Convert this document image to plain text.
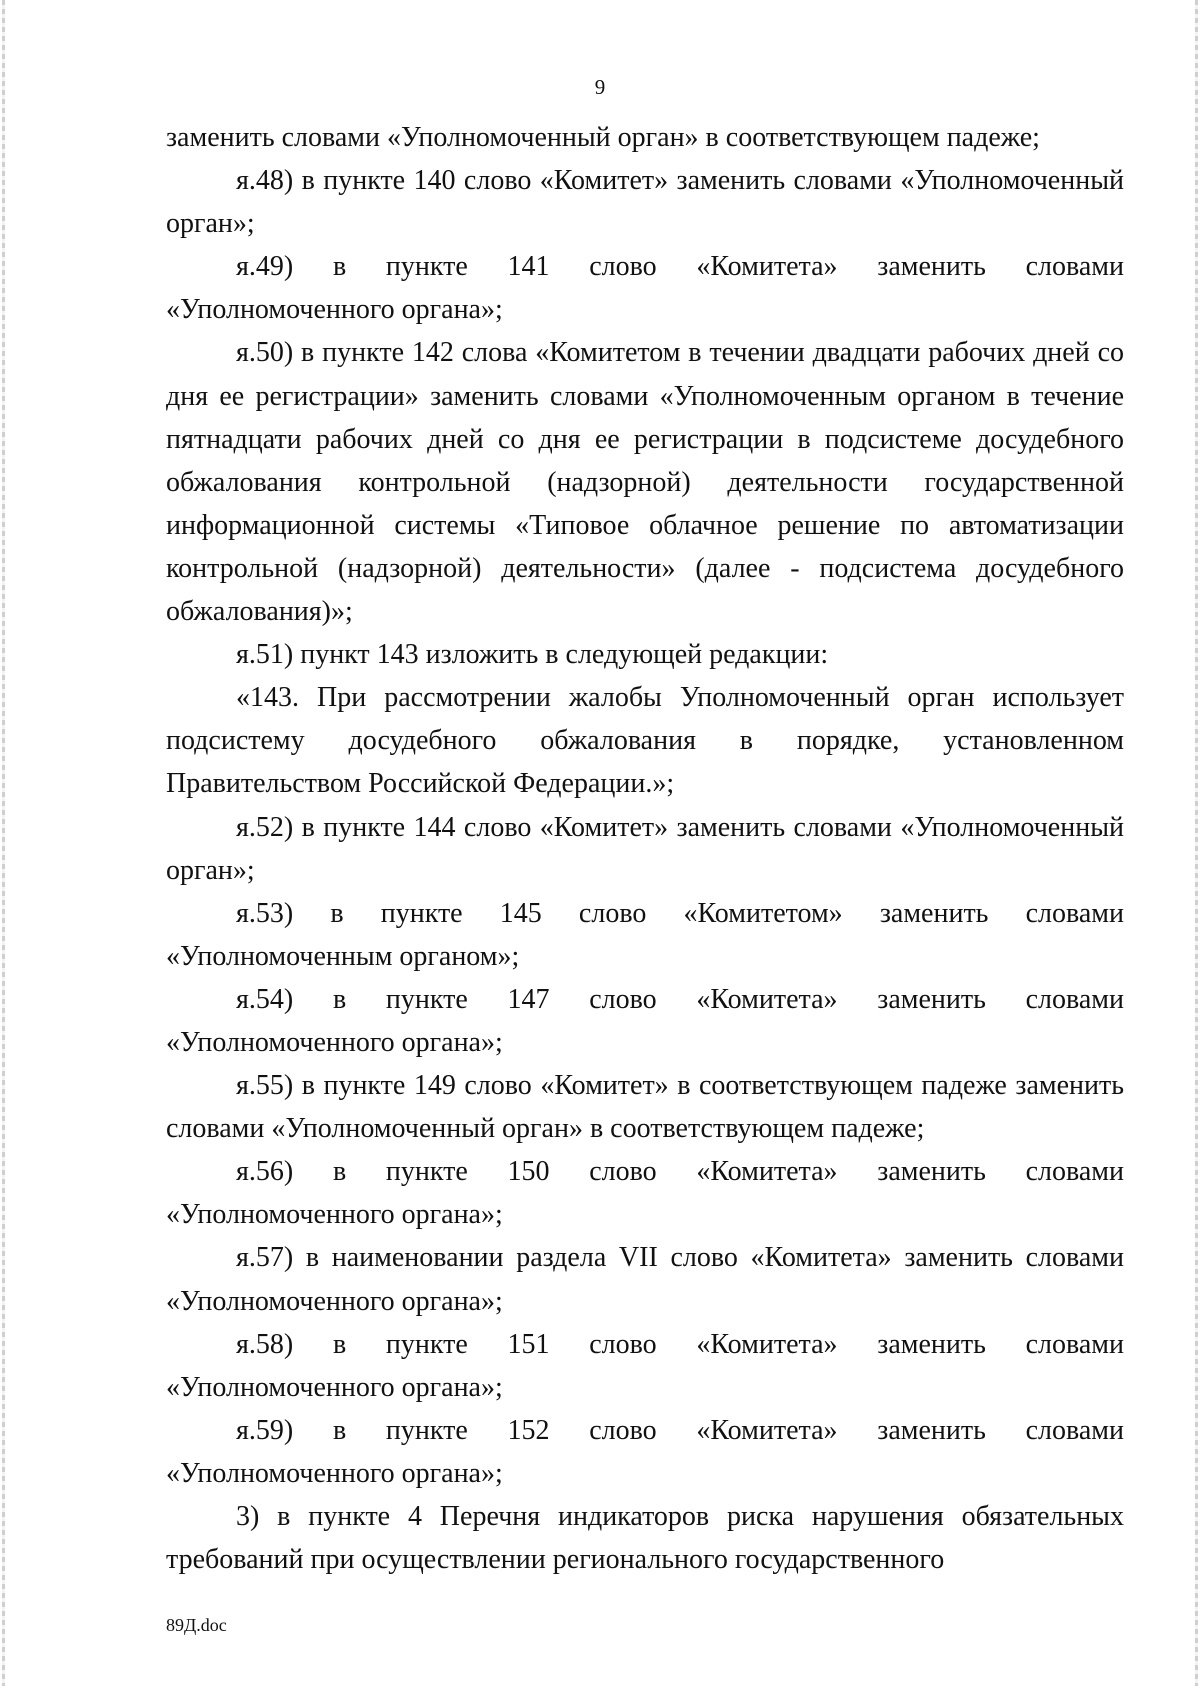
9

заменить словами «Уполномоченный орган» в соответствующем падеже;

я.48) в пункте 140 слово «Комитет» заменить словами «Уполномоченный орган»;

я.49) в пункте 141 слово «Комитета» заменить словами «Уполномоченного органа»;

я.50) в пункте 142 слова «Комитетом в течении двадцати рабочих дней со дня ее регистрации» заменить словами «Уполномоченным органом в течение пятнадцати рабочих дней со дня ее регистрации в подсистеме досудебного обжалования контрольной (надзорной) деятельности государственной информационной системы «Типовое облачное решение по автоматизации контрольной (надзорной) деятельности» (далее - подсистема досудебного обжалования)»;

я.51) пункт 143 изложить в следующей редакции:

«143. При рассмотрении жалобы Уполномоченный орган использует подсистему досудебного обжалования в порядке, установленном Правительством Российской Федерации.»;

я.52) в пункте 144 слово «Комитет» заменить словами «Уполномоченный орган»;

я.53) в пункте 145 слово «Комитетом» заменить словами «Уполномоченным органом»;

я.54) в пункте 147 слово «Комитета» заменить словами «Уполномоченного органа»;

я.55) в пункте 149 слово «Комитет» в соответствующем падеже заменить словами «Уполномоченный орган» в соответствующем падеже;

я.56) в пункте 150 слово «Комитета» заменить словами «Уполномоченного органа»;

я.57) в наименовании раздела VII слово «Комитета» заменить словами «Уполномоченного органа»;

я.58) в пункте 151 слово «Комитета» заменить словами «Уполномоченного органа»;

я.59) в пункте 152 слово «Комитета» заменить словами «Уполномоченного органа»;

3) в пункте 4 Перечня индикаторов риска нарушения обязательных требований при осуществлении регионального государственного

89Д.doc
